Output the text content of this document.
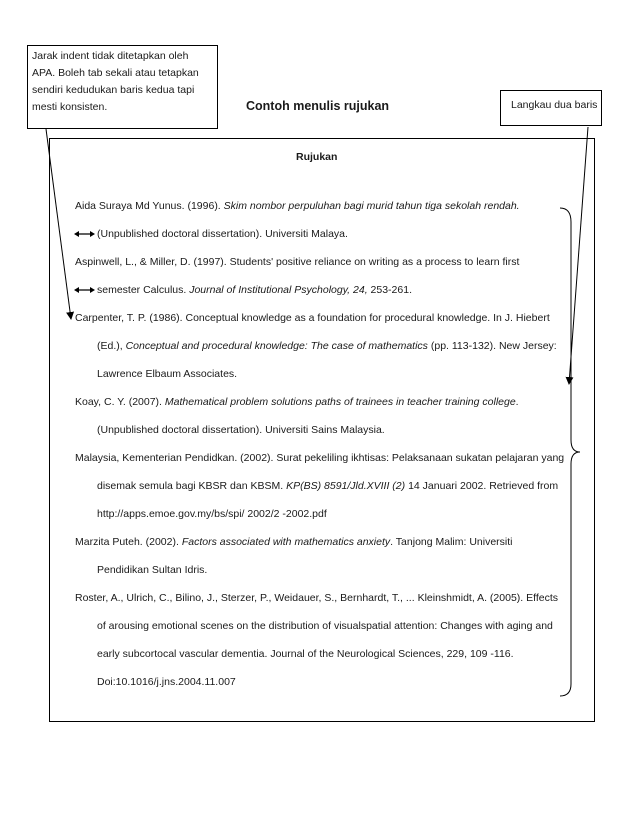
Jarak indent tidak ditetapkan oleh
APA. Boleh tab sekali atau tetapkan
sendiri kedudukan baris kedua tapi
mesti konsisten.	Langkau dua baris
Contoh menulis rujukan
Rujukan
Aida Suraya Md Yunus. (1996). Skim nombor perpuluhan bagi murid tahun tiga sekolah rendah.
(Unpublished doctoral dissertation). Universiti Malaya.
Aspinwell, L., & Miller, D. (1997). Students' positive reliance on writing as a process to learn first
semester Calculus. Journal of Institutional Psychology, 24, 253-261.
Carpenter, T. P. (1986). Conceptual knowledge as a foundation for procedural knowledge. In J. Hiebert
(Ed.), Conceptual and procedural knowledge: The case of mathematics (pp. 113-132). New Jersey:
Lawrence Elbaum Associates.
Koay, C. Y. (2007). Mathematical problem solutions paths of trainees in teacher training college.
(Unpublished doctoral dissertation). Universiti Sains Malaysia.
Malaysia, Kementerian Pendidkan. (2002). Surat pekeliling ikhtisas: Pelaksanaan sukatan pelajaran yang
disemak semula bagi KBSR dan KBSM. KP(BS) 8591/Jld.XVIII (2) 14 Januari 2002. Retrieved from
http://apps.emoe.gov.my/bs/spi/ 2002/2 -2002.pdf
Marzita Puteh. (2002). Factors associated with mathematics anxiety. Tanjong Malim: Universiti
Pendidikan Sultan Idris.
Roster, A., Ulrich, C., Bilino, J., Sterzer, P., Weidauer, S., Bernhardt, T., ... Kleinshmidt, A. (2005). Effects
of arousing emotional scenes on the distribution of visualspatial attention: Changes with aging and
early subcortocal vascular dementia. Journal of the Neurological Sciences, 229, 109 -116.
Doi:10.1016/j.jns.2004.11.007
